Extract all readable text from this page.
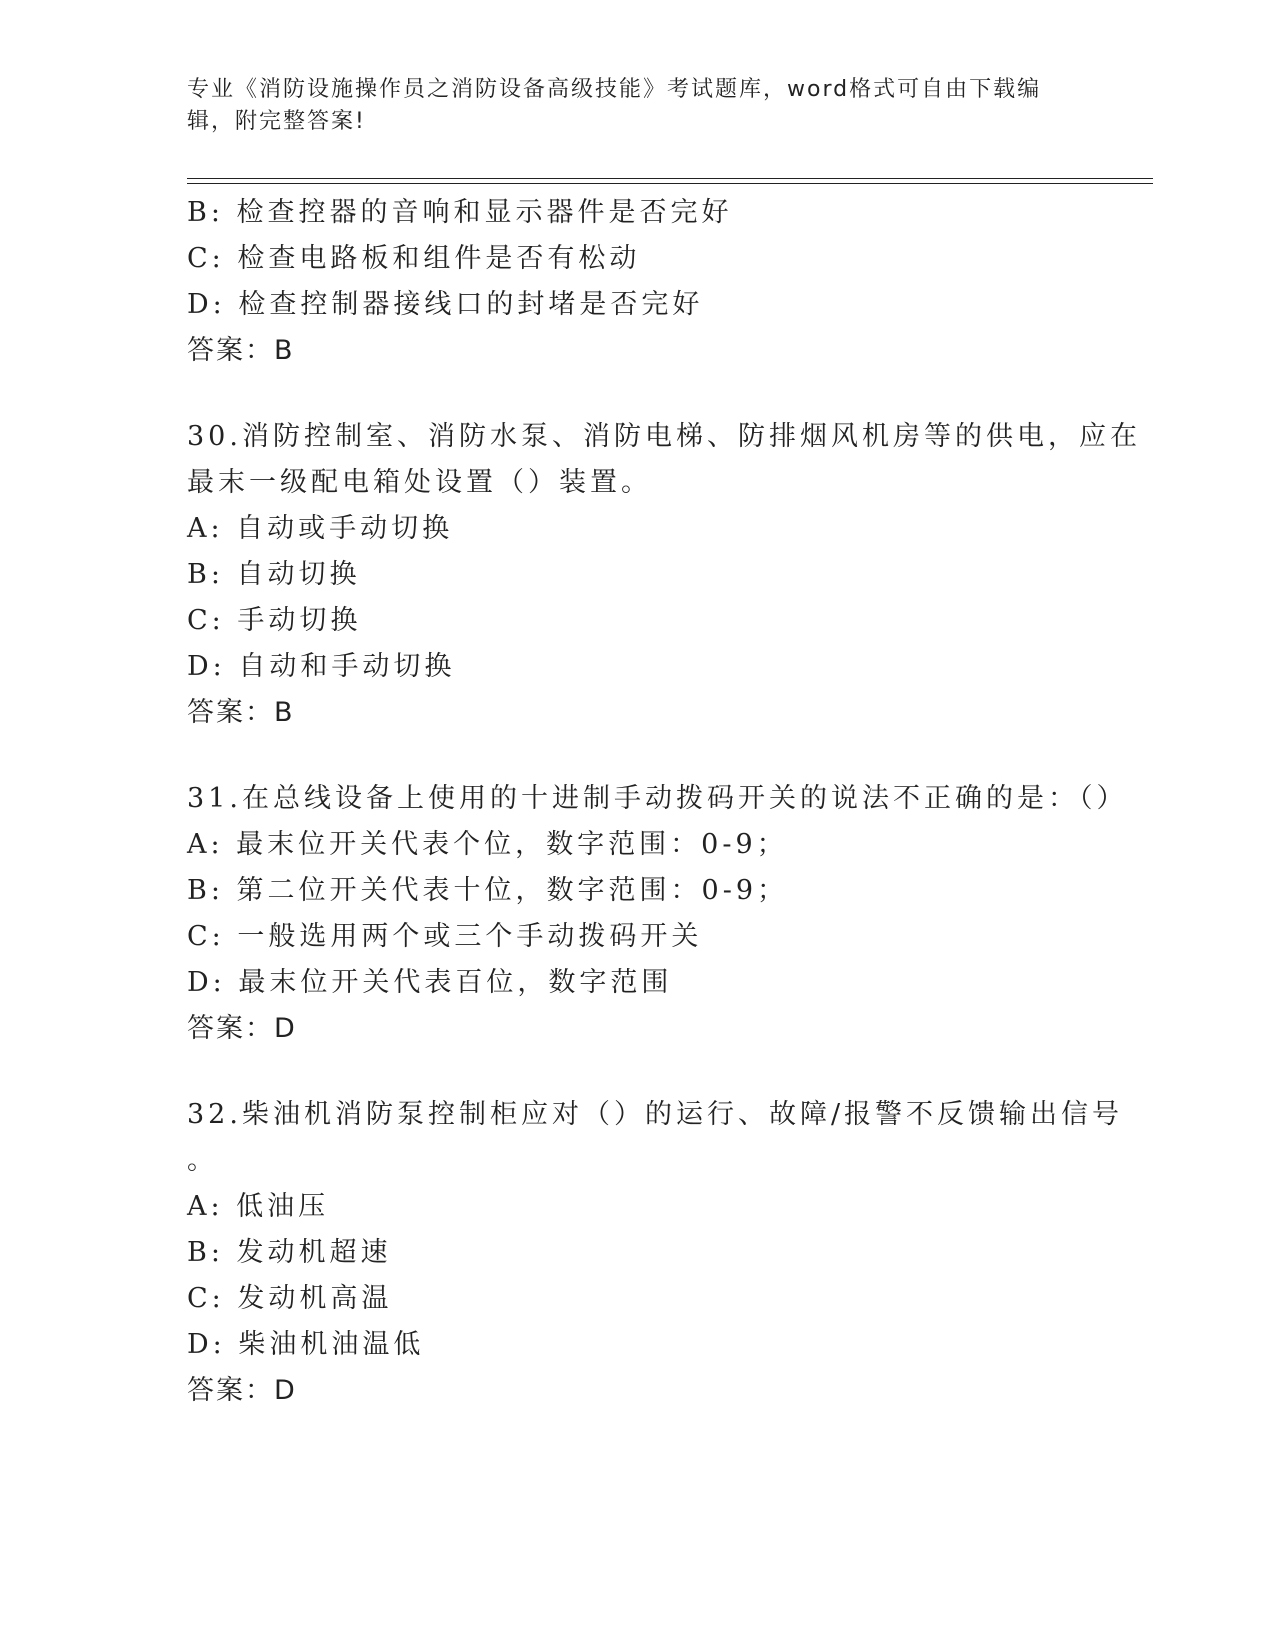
专业《消防设施操作员之消防设备高级技能》考试题库，word格式可自由下载编辑，附完整答案!
B: 检查控器的音响和显示器件是否完好
C: 检查电路板和组件是否有松动
D: 检查控制器接线口的封堵是否完好
答案：B
30.消防控制室、消防水泵、消防电梯、防排烟风机房等的供电，应在
最末一级配电箱处设置（）装置。
A: 自动或手动切换
B: 自动切换
C: 手动切换
D: 自动和手动切换
答案：B
31.在总线设备上使用的十进制手动拨码开关的说法不正确的是：（）
A: 最末位开关代表个位，数字范围：0-9；
B: 第二位开关代表十位，数字范围：0-9；
C: 一般选用两个或三个手动拨码开关
D: 最末位开关代表百位，数字范围
答案：D
32.柴油机消防泵控制柜应对（）的运行、故障/报警不反馈输出信号
。
A: 低油压
B: 发动机超速
C: 发动机高温
D: 柴油机油温低
答案：D
